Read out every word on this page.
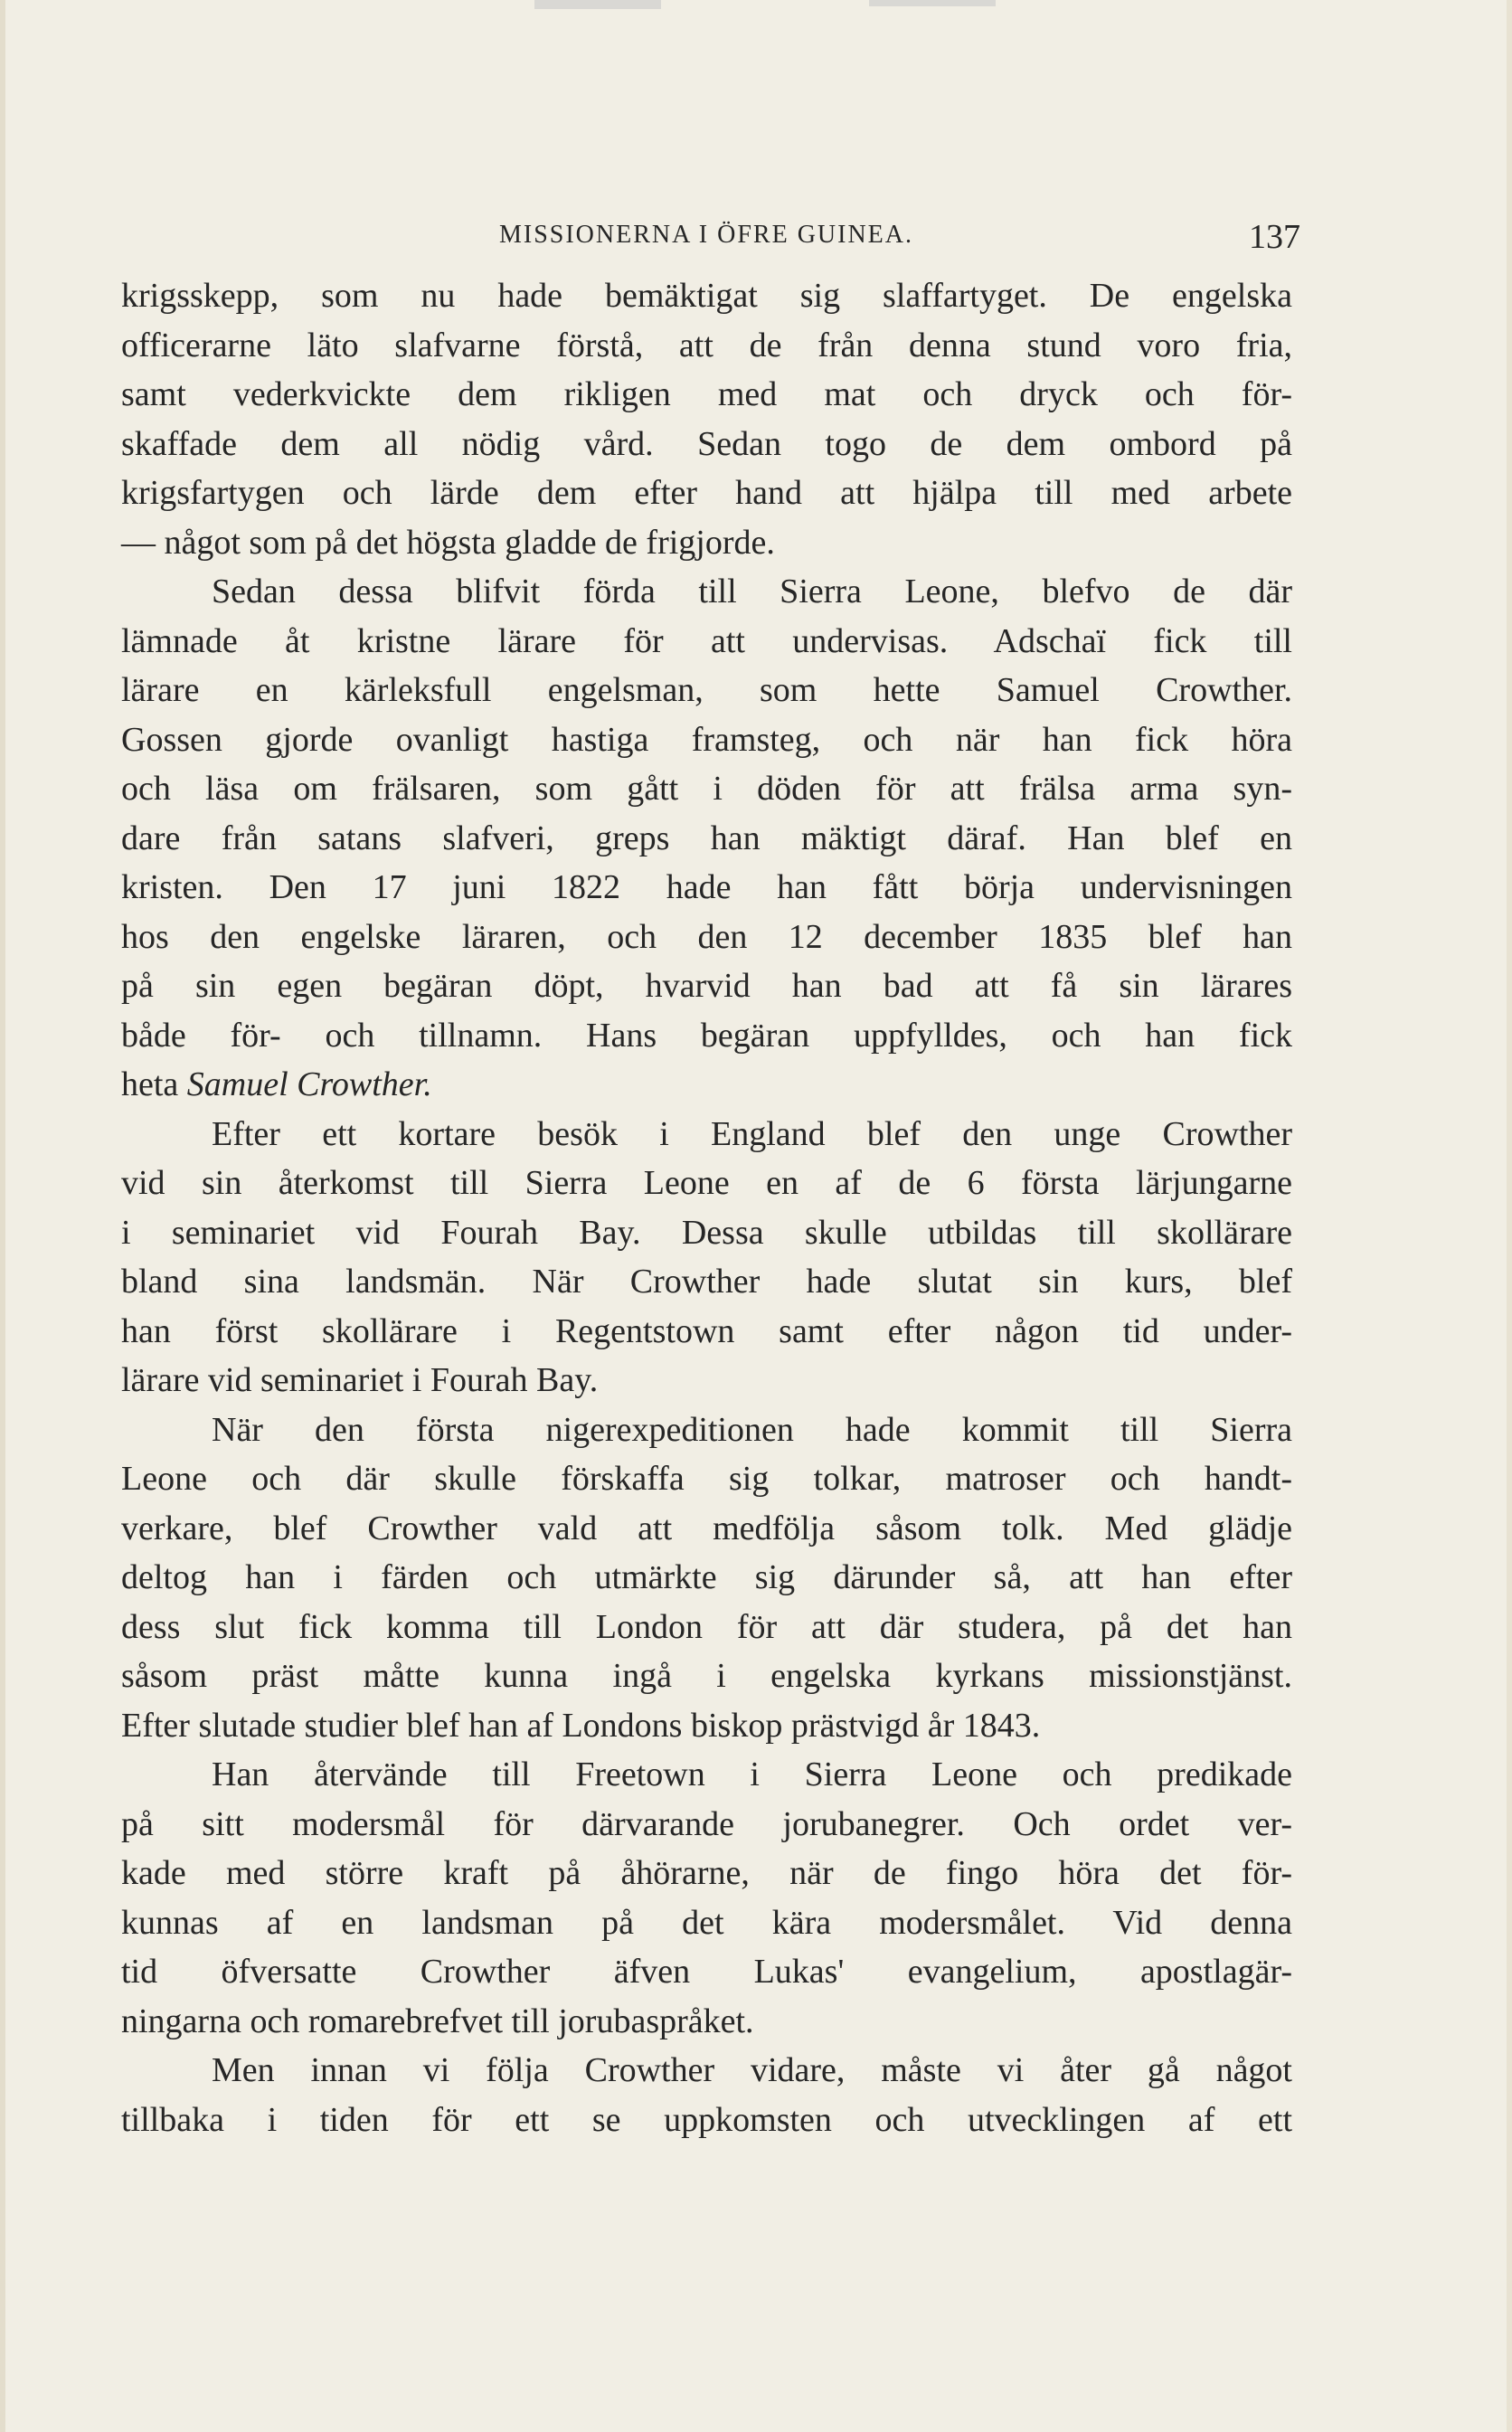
MISSIONERNA I ÖFRE GUINEA.	137
krigsskepp, som nu hade bemäktigat sig slaffartyget. De engelska
officerarne läto slafvarne förstå, att de från denna stund voro fria,
samt vederkvickte dem rikligen med mat och dryck och för-
skaffade dem all nödig vård. Sedan togo de dem ombord på
krigsfartygen och lärde dem efter hand att hjälpa till med arbete
— något som på det högsta gladde de frigjorde.
Sedan dessa blifvit förda till Sierra Leone, blefvo de där
lämnade åt kristne lärare för att undervisas. Adschaï fick till
lärare en kärleksfull engelsman, som hette Samuel Crowther.
Gossen gjorde ovanligt hastiga framsteg, och när han fick höra
och läsa om frälsaren, som gått i döden för att frälsa arma syn-
dare från satans slafveri, greps han mäktigt däraf. Han blef en
kristen. Den 17 juni 1822 hade han fått börja undervisningen
hos den engelske läraren, och den 12 december 1835 blef han
på sin egen begäran döpt, hvarvid han bad att få sin lärares
både för- och tillnamn. Hans begäran uppfylldes, och han fick
heta Samuel Crowther.
Efter ett kortare besök i England blef den unge Crowther
vid sin återkomst till Sierra Leone en af de 6 första lärjungarne
i seminariet vid Fourah Bay. Dessa skulle utbildas till skollärare
bland sina landsmän. När Crowther hade slutat sin kurs, blef
han först skollärare i Regentstown samt efter någon tid under-
lärare vid seminariet i Fourah Bay.
När den första nigerexpeditionen hade kommit till Sierra
Leone och där skulle förskaffa sig tolkar, matroser och handt-
verkare, blef Crowther vald att medfölja såsom tolk. Med glädje
deltog han i färden och utmärkte sig därunder så, att han efter
dess slut fick komma till London för att där studera, på det han
såsom präst måtte kunna ingå i engelska kyrkans missionstjänst.
Efter slutade studier blef han af Londons biskop prästvigd år 1843.
Han återvände till Freetown i Sierra Leone och predikade
på sitt modersmål för därvarande jorubanegrer. Och ordet ver-
kade med större kraft på åhörarne, när de fingo höra det för-
kunnas af en landsman på det kära modersmålet. Vid denna
tid öfversatte Crowther äfven Lukas' evangelium, apostlagär-
ningarna och romarebrefvet till jorubaspråket.
Men innan vi följa Crowther vidare, måste vi åter gå något
tillbaka i tiden för ett se uppkomsten och utvecklingen af ett
